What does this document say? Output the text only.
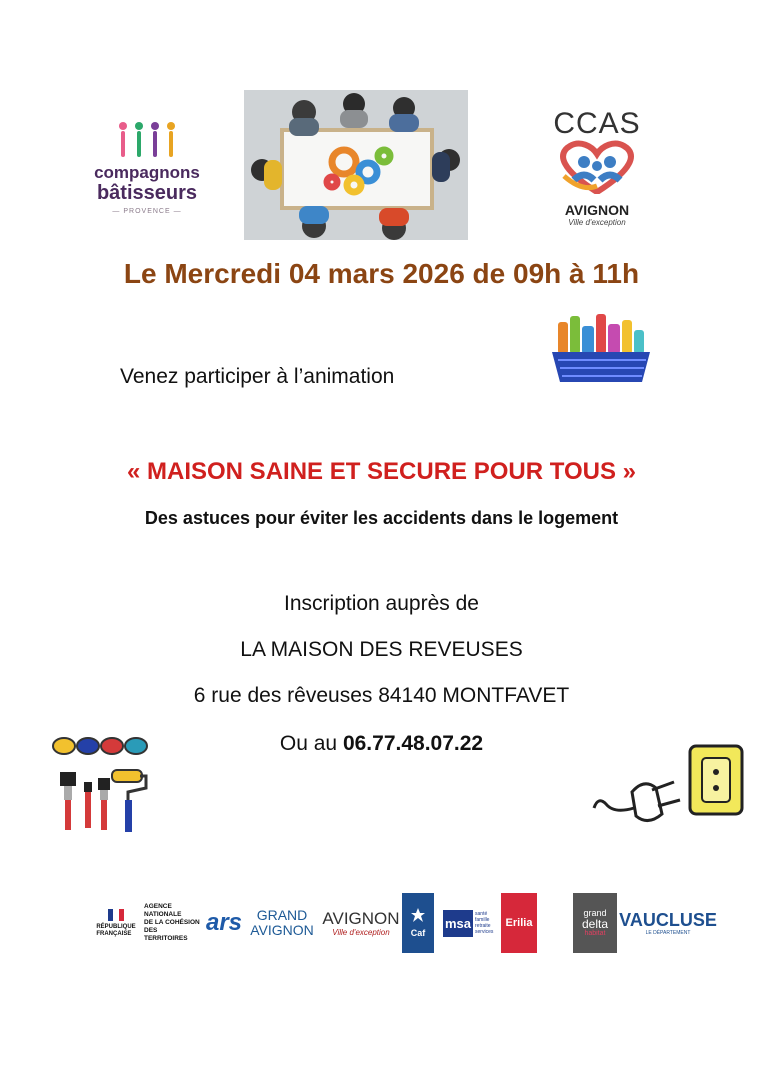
compagnons
bâtisseurs
— PROVENCE —
CCAS
AVIGNON
Ville d'exception
Le Mercredi 04 mars 2026 de 09h à 11h
Venez participer à l’animation
« MAISON SAINE ET SECURE POUR TOUS »
Des astuces pour éviter les accidents dans le logement
Inscription auprès de
LA MAISON DES REVEUSES
6 rue des rêveuses 84140 MONTFAVET
Ou au 06.77.48.07.22
RÉPUBLIQUE
FRANÇAISE
AGENCE
NATIONALE
DE LA COHÉSION
DES TERRITOIRES
ars GRAND
AVIGNON
AVIGNON
Ville d'exception Caf
msa
santé famille retraite services
Erilia
grand
delta
habitat
VAUCLUSE
LE DÉPARTEMENT
